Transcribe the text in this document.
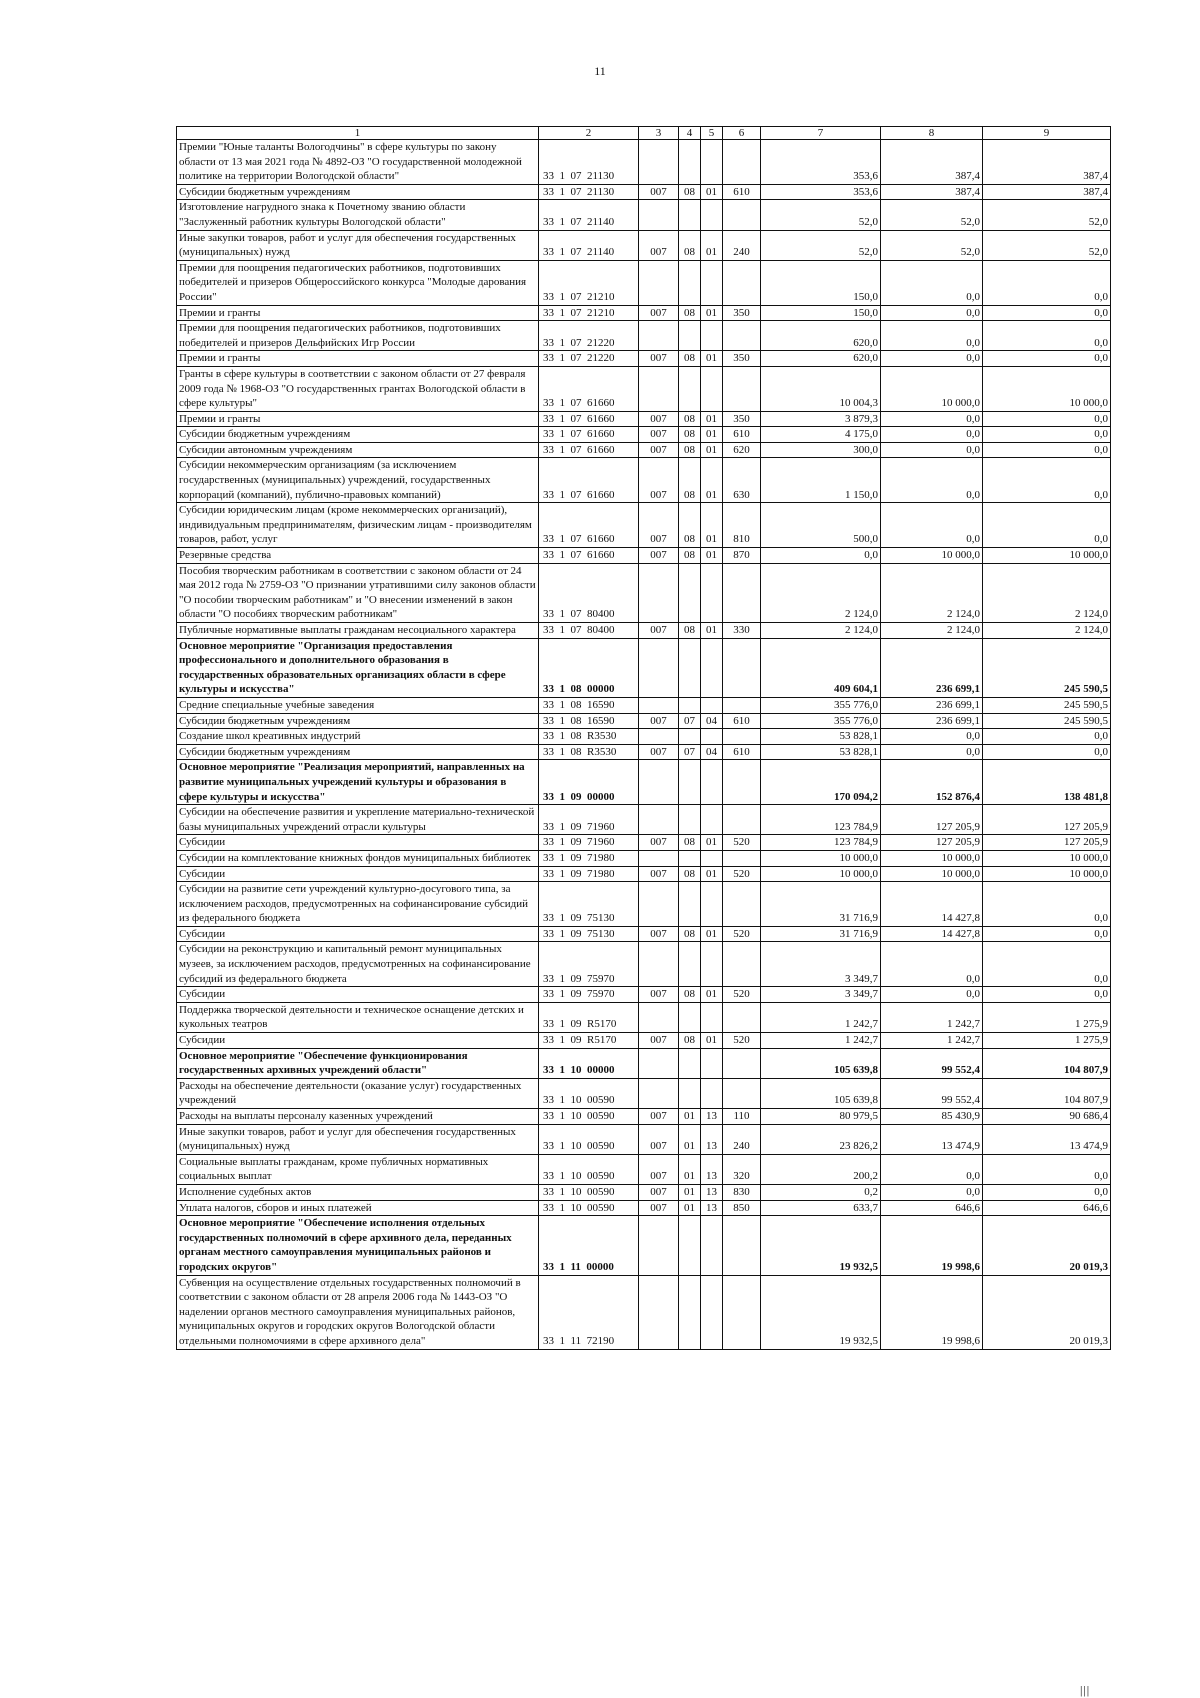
11
1	2	3	4	5	6	7	8	9
Премии "Юные таланты Вологодчины" в сфере культуры по закону области от 13 мая 2021 года № 4892-ОЗ "О государственной молодежной политике на территории Вологодской области"	33  1  07  21130					353,6	387,4	387,4
Субсидии бюджетным учреждениям	33  1  07  21130	007	08	01	610	353,6	387,4	387,4
Изготовление нагрудного знака к Почетному званию области "Заслуженный работник культуры Вологодской области"	33  1  07  21140					52,0	52,0	52,0
Иные закупки товаров, работ и услуг для обеспечения государственных (муниципальных) нужд	33  1  07  21140	007	08	01	240	52,0	52,0	52,0
Премии для поощрения педагогических работников, подготовивших победителей и призеров Общероссийского конкурса "Молодые дарования России"	33  1  07  21210					150,0	0,0	0,0
Премии и гранты	33  1  07  21210	007	08	01	350	150,0	0,0	0,0
Премии для поощрения педагогических работников, подготовивших победителей и призеров Дельфийских Игр России	33  1  07  21220					620,0	0,0	0,0
Премии и гранты	33  1  07  21220	007	08	01	350	620,0	0,0	0,0
Гранты в сфере культуры в соответствии с законом области от 27 февраля 2009 года № 1968-ОЗ "О государственных грантах Вологодской области в сфере культуры"	33  1  07  61660					10 004,3	10 000,0	10 000,0
Премии и гранты	33  1  07  61660	007	08	01	350	3 879,3	0,0	0,0
Субсидии бюджетным учреждениям	33  1  07  61660	007	08	01	610	4 175,0	0,0	0,0
Субсидии автономным учреждениям	33  1  07  61660	007	08	01	620	300,0	0,0	0,0
Субсидии некоммерческим организациям (за исключением государственных (муниципальных) учреждений, государственных корпораций (компаний), публично-правовых компаний)	33  1  07  61660	007	08	01	630	1 150,0	0,0	0,0
Субсидии юридическим лицам (кроме некоммерческих организаций), индивидуальным предпринимателям, физическим лицам - производителям товаров, работ, услуг	33  1  07  61660	007	08	01	810	500,0	0,0	0,0
Резервные средства	33  1  07  61660	007	08	01	870	0,0	10 000,0	10 000,0
Пособия творческим работникам в соответствии с законом области от 24 мая 2012 года № 2759-ОЗ "О признании утратившими силу законов области "О пособии творческим работникам" и "О внесении изменений в закон области "О пособиях творческим работникам"	33  1  07  80400					2 124,0	2 124,0	2 124,0
Публичные нормативные выплаты гражданам несоциального характера	33  1  07  80400	007	08	01	330	2 124,0	2 124,0	2 124,0
Основное мероприятие "Организация предоставления профессионального и дополнительного образования в государственных образовательных организациях области в сфере культуры и искусства"	33  1  08  00000					409 604,1	236 699,1	245 590,5
Средние специальные учебные заведения	33  1  08  16590					355 776,0	236 699,1	245 590,5
Субсидии бюджетным учреждениям	33  1  08  16590	007	07	04	610	355 776,0	236 699,1	245 590,5
Создание школ креативных индустрий	33  1  08  R3530					53 828,1	0,0	0,0
Субсидии бюджетным учреждениям	33  1  08  R3530	007	07	04	610	53 828,1	0,0	0,0
Основное мероприятие "Реализация мероприятий, направленных на развитие муниципальных учреждений культуры и образования в сфере культуры и искусства"	33  1  09  00000					170 094,2	152 876,4	138 481,8
Субсидии на обеспечение развития и укрепление материально-технической базы муниципальных учреждений отрасли культуры	33  1  09  71960					123 784,9	127 205,9	127 205,9
Субсидии	33  1  09  71960	007	08	01	520	123 784,9	127 205,9	127 205,9
Субсидии на комплектование книжных фондов муниципальных библиотек	33  1  09  71980					10 000,0	10 000,0	10 000,0
Субсидии	33  1  09  71980	007	08	01	520	10 000,0	10 000,0	10 000,0
Субсидии на развитие сети учреждений культурно-досугового типа, за исключением расходов, предусмотренных на софинансирование субсидий из федерального бюджета	33  1  09  75130					31 716,9	14 427,8	0,0
Субсидии	33  1  09  75130	007	08	01	520	31 716,9	14 427,8	0,0
Субсидии на реконструкцию и капитальный ремонт муниципальных музеев, за исключением расходов, предусмотренных на софинансирование субсидий из федерального бюджета	33  1  09  75970					3 349,7	0,0	0,0
Субсидии	33  1  09  75970	007	08	01	520	3 349,7	0,0	0,0
Поддержка творческой деятельности и техническое оснащение детских и кукольных театров	33  1  09  R5170					1 242,7	1 242,7	1 275,9
Субсидии	33  1  09  R5170	007	08	01	520	1 242,7	1 242,7	1 275,9
Основное мероприятие "Обеспечение функционирования государственных архивных учреждений области"	33  1  10  00000					105 639,8	99 552,4	104 807,9
Расходы на обеспечение деятельности (оказание услуг) государственных учреждений	33  1  10  00590					105 639,8	99 552,4	104 807,9
Расходы на выплаты персоналу казенных учреждений	33  1  10  00590	007	01	13	110	80 979,5	85 430,9	90 686,4
Иные закупки товаров, работ и услуг для обеспечения государственных (муниципальных) нужд	33  1  10  00590	007	01	13	240	23 826,2	13 474,9	13 474,9
Социальные выплаты гражданам, кроме публичных нормативных социальных выплат	33  1  10  00590	007	01	13	320	200,2	0,0	0,0
Исполнение судебных актов	33  1  10  00590	007	01	13	830	0,2	0,0	0,0
Уплата налогов, сборов и иных платежей	33  1  10  00590	007	01	13	850	633,7	646,6	646,6
Основное мероприятие "Обеспечение исполнения отдельных государственных полномочий в сфере архивного дела, переданных органам местного самоуправления муниципальных районов и городских округов"	33  1  11  00000					19 932,5	19 998,6	20 019,3
Субвенция на осуществление отдельных государственных полномочий в соответствии с законом области от 28 апреля 2006 года № 1443-ОЗ "О наделении органов местного самоуправления муниципальных районов, муниципальных округов и городских округов Вологодской области отдельными полномочиями в сфере архивного дела"	33  1  11  72190					19 932,5	19 998,6	20 019,3
|||
